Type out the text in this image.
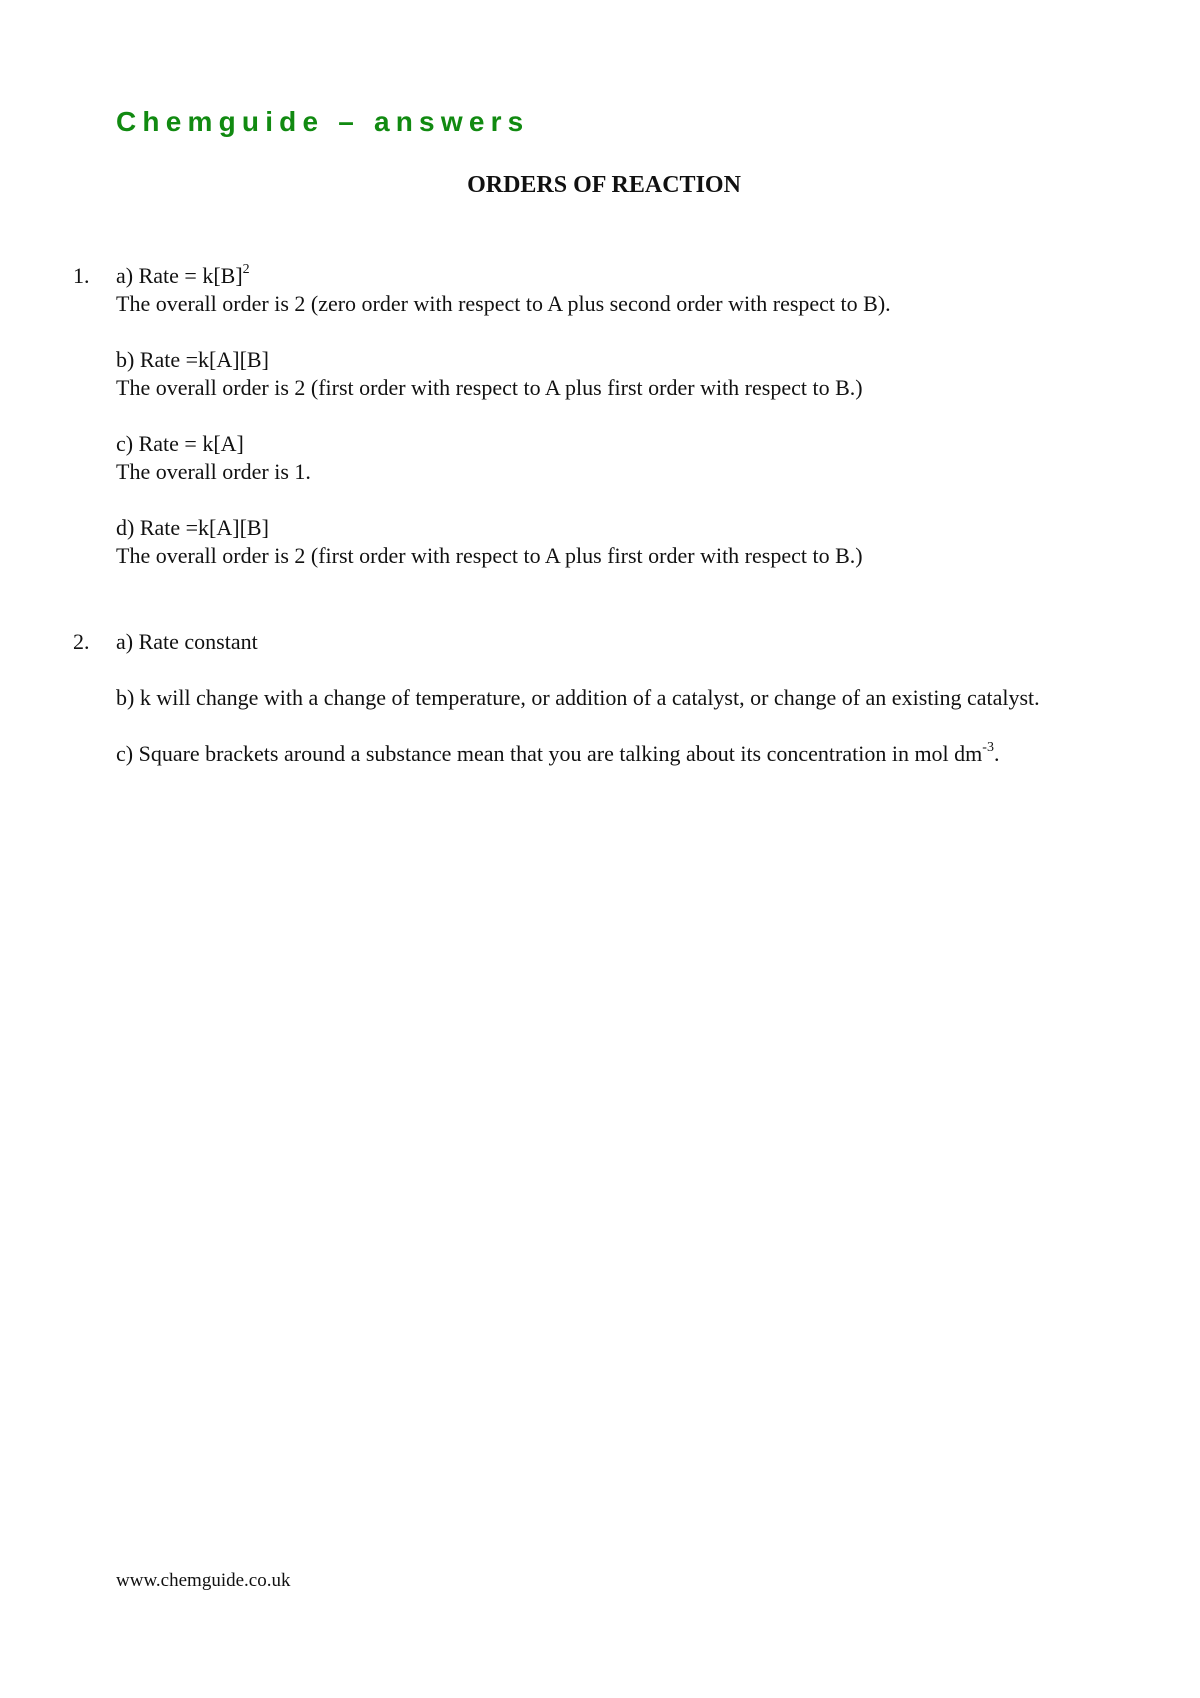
Chemguide – answers
ORDERS OF REACTION
1. a) Rate = $k[B]^2$
The overall order is 2 (zero order with respect to A plus second order with respect to B).
b) Rate =k[A][B]
The overall order is 2 (first order with respect to A plus first order with respect to B.)
c) Rate = k[A]
The overall order is 1.
d) Rate =k[A][B]
The overall order is 2 (first order with respect to A plus first order with respect to B.)
2. a) Rate constant
b) k will change with a change of temperature, or addition of a catalyst, or change of an existing catalyst.
c) Square brackets around a substance mean that you are talking about its concentration in mol $dm^{-3}$.
www.chemguide.co.uk
